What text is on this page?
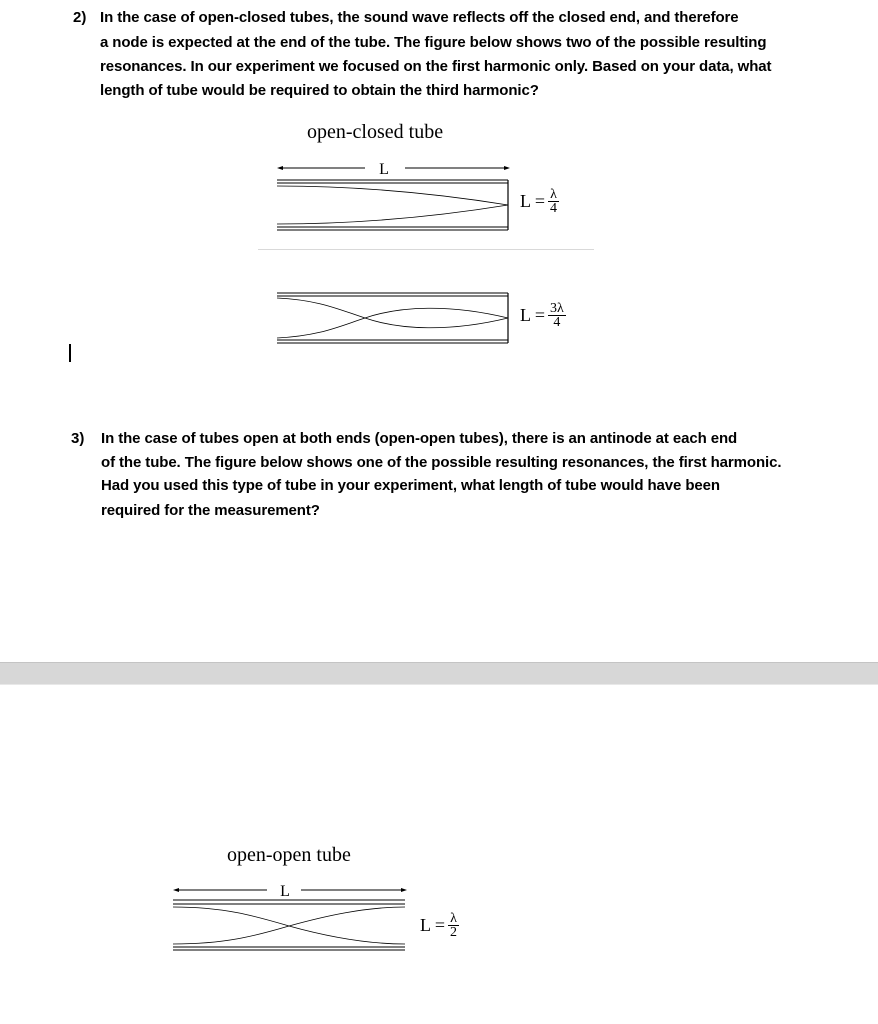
2) In the case of open-closed tubes, the sound wave reflects off the closed end, and therefore
a node is expected at the end of the tube. The figure below shows two of the possible resulting
resonances. In our experiment we focused on the first harmonic only. Based on your data, what
length of tube would be required to obtain the third harmonic?
open-closed tube
L
$L = \frac{\lambda}{4}$
$L = \frac{3\lambda}{4}$
3) In the case of tubes open at both ends (open-open tubes), there is an antinode at each end
of the tube. The figure below shows one of the possible resulting resonances, the first harmonic.
Had you used this type of tube in your experiment, what length of tube would have been
required for the measurement?
open-open tube
L
$L = \frac{\lambda}{2}$
